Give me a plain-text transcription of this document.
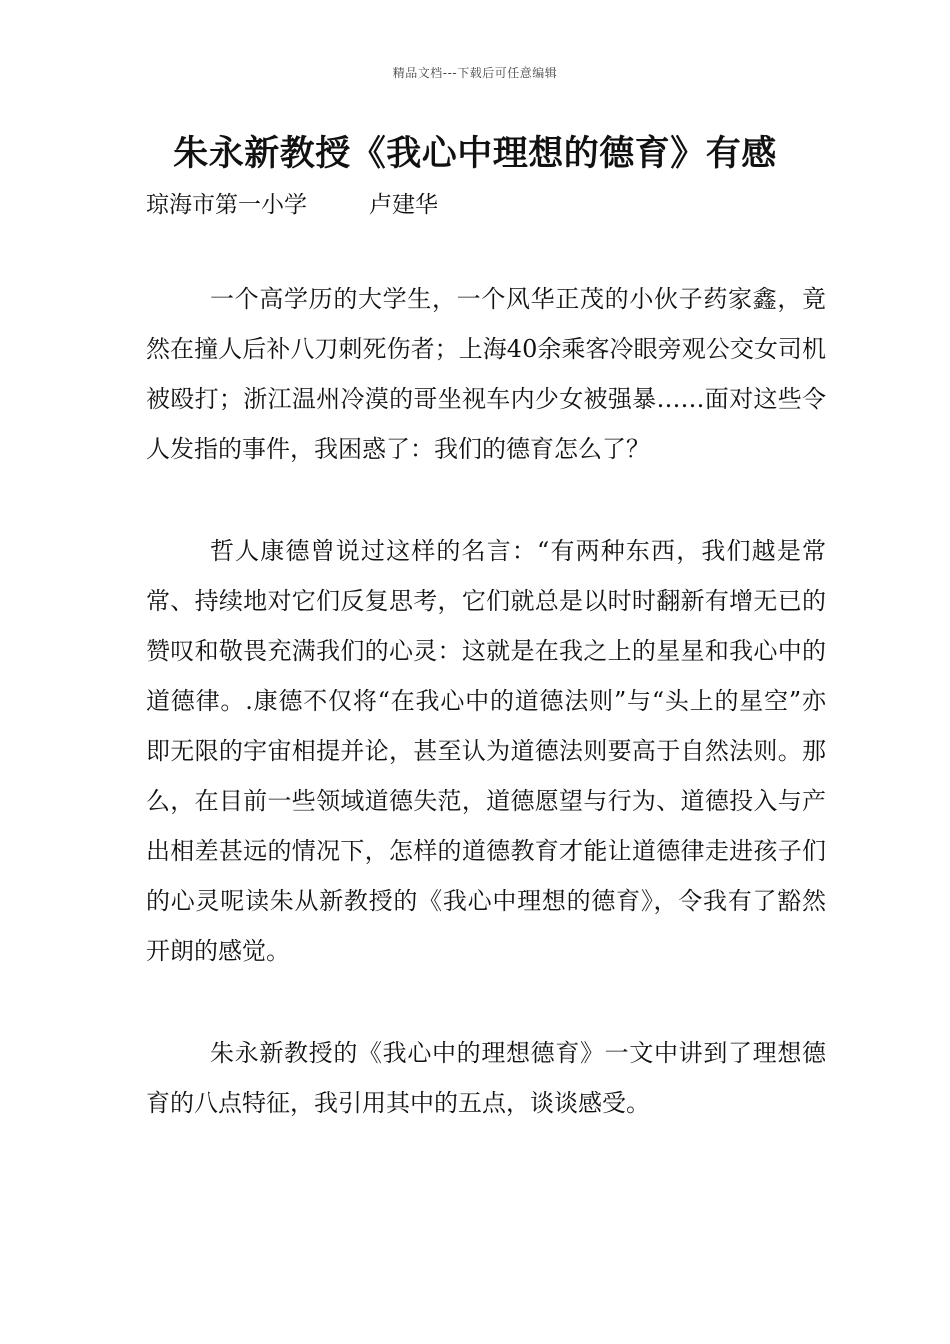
精品文档---下载后可任意编辑
朱永新教授《我心中理想的德育》有感
琼海市第一小学	卢建华

一个高学历的大学生，一个风华正茂的小伙子药家鑫，竟然在撞人后补八刀刺死伤者；上海40余乘客冷眼旁观公交女司机被殴打；浙江温州冷漠的哥坐视车内少女被强暴……面对这些令人发指的事件，我困惑了：我们的德育怎么了？

哲人康德曾说过这样的名言：“有两种东西，我们越是常常、持续地对它们反复思考，它们就总是以时时翻新有增无已的赞叹和敬畏充满我们的心灵：这就是在我之上的星星和我心中的道德律。.康德不仅将“在我心中的道德法则”与“头上的星空”亦即无限的宇宙相提并论，甚至认为道德法则要高于自然法则。那么，在目前一些领域道德失范，道德愿望与行为、道德投入与产出相差甚远的情况下，怎样的道德教育才能让道德律走进孩子们的心灵呢读朱从新教授的《我心中理想的德育》，令我有了豁然开朗的感觉。

朱永新教授的《我心中的理想德育》一文中讲到了理想德育的八点特征，我引用其中的五点，谈谈感受。
